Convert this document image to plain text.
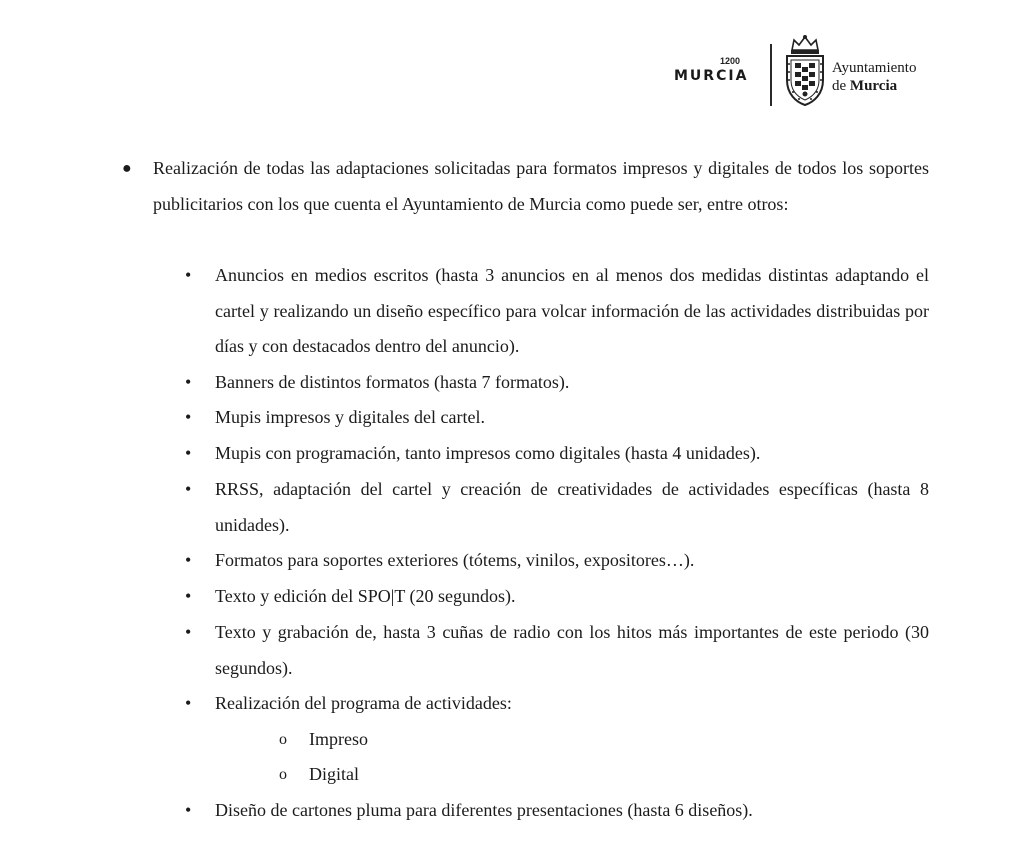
1200
MURCIA	Ayuntamiento
de Murcia
● Realización de todas las adaptaciones solicitadas para formatos impresos y digitales de todos los soportes publicitarios con los que cuenta el Ayuntamiento de Murcia como puede ser, entre otros:
• Anuncios en medios escritos (hasta 3 anuncios en al menos dos medidas distintas adaptando el cartel y realizando un diseño específico para volcar información de las actividades distribuidas por días y con destacados dentro del anuncio).
• Banners de distintos formatos (hasta 7 formatos).
• Mupis impresos y digitales del cartel.
• Mupis con programación, tanto impresos como digitales (hasta 4 unidades).
• RRSS, adaptación del cartel y creación de creatividades de actividades específicas (hasta 8 unidades).
• Formatos para soportes exteriores (tótems, vinilos, expositores…).
• Texto y edición del SPO|T (20 segundos).
• Texto y grabación de, hasta 3 cuñas de radio con los hitos más importantes de este periodo (30 segundos).
• Realización del programa de actividades:
o Impreso
o Digital
• Diseño de cartones pluma para diferentes presentaciones (hasta 6 diseños).
